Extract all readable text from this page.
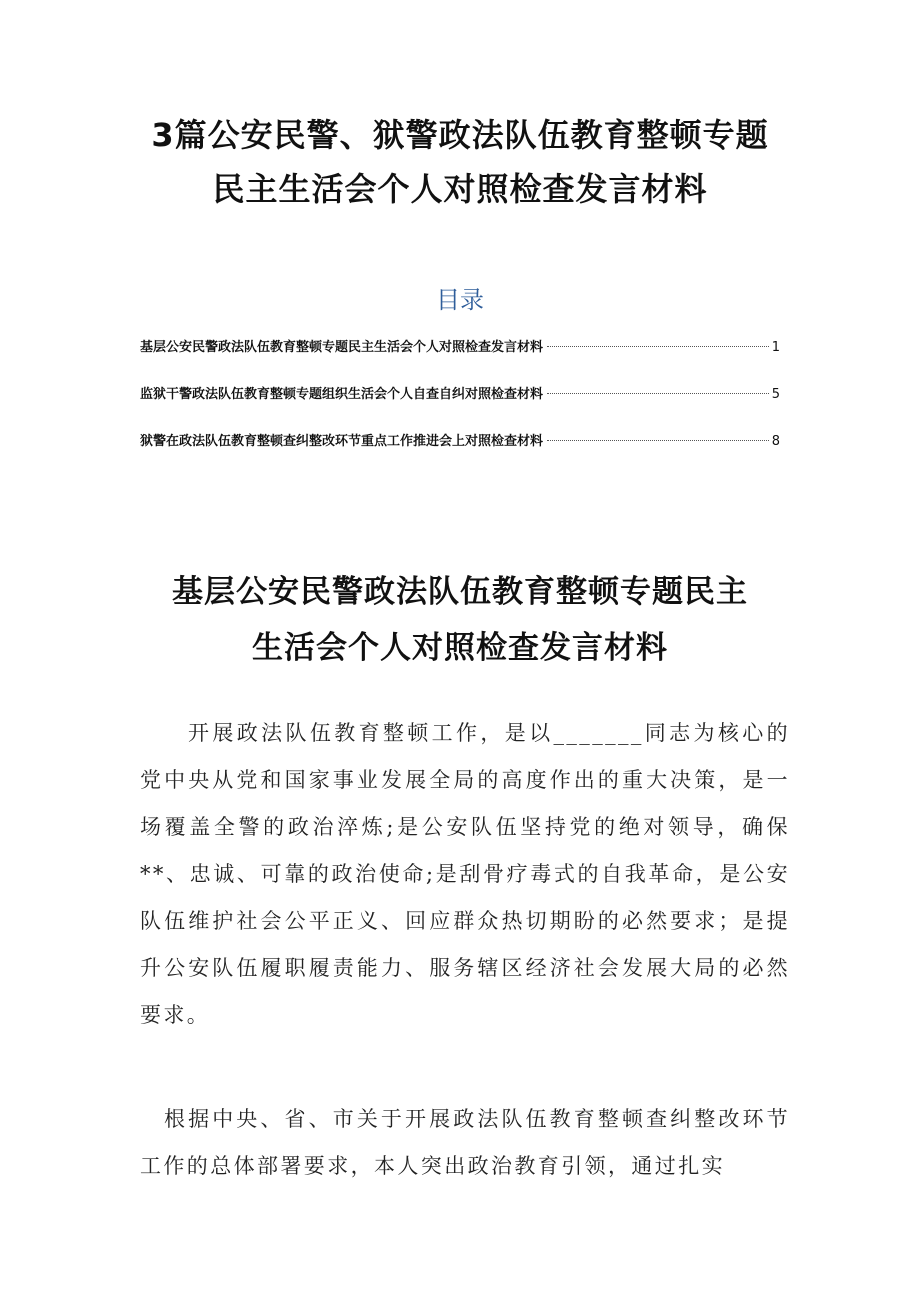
3篇公安民警、狱警政法队伍教育整顿专题
民主生活会个人对照检查发言材料
目录
基层公安民警政法队伍教育整顿专题民主生活会个人对照检查发言材料	1
监狱干警政法队伍教育整顿专题组织生活会个人自查自纠对照检查材料	5
狱警在政法队伍教育整顿查纠整改环节重点工作推进会上对照检查材料	8
基层公安民警政法队伍教育整顿专题民主
生活会个人对照检查发言材料

开展政法队伍教育整顿工作，是以_______同志为核心的党中央从党和国家事业发展全局的高度作出的重大决策，是一场覆盖全警的政治淬炼;是公安队伍坚持党的绝对领导，确保**、忠诚、可靠的政治使命;是刮骨疗毒式的自我革命，是公安队伍维护社会公平正义、回应群众热切期盼的必然要求；是提升公安队伍履职履责能力、服务辖区经济社会发展大局的必然要求。

根据中央、省、市关于开展政法队伍教育整顿查纠整改环节工作的总体部署要求，本人突出政治教育引领，通过扎实
